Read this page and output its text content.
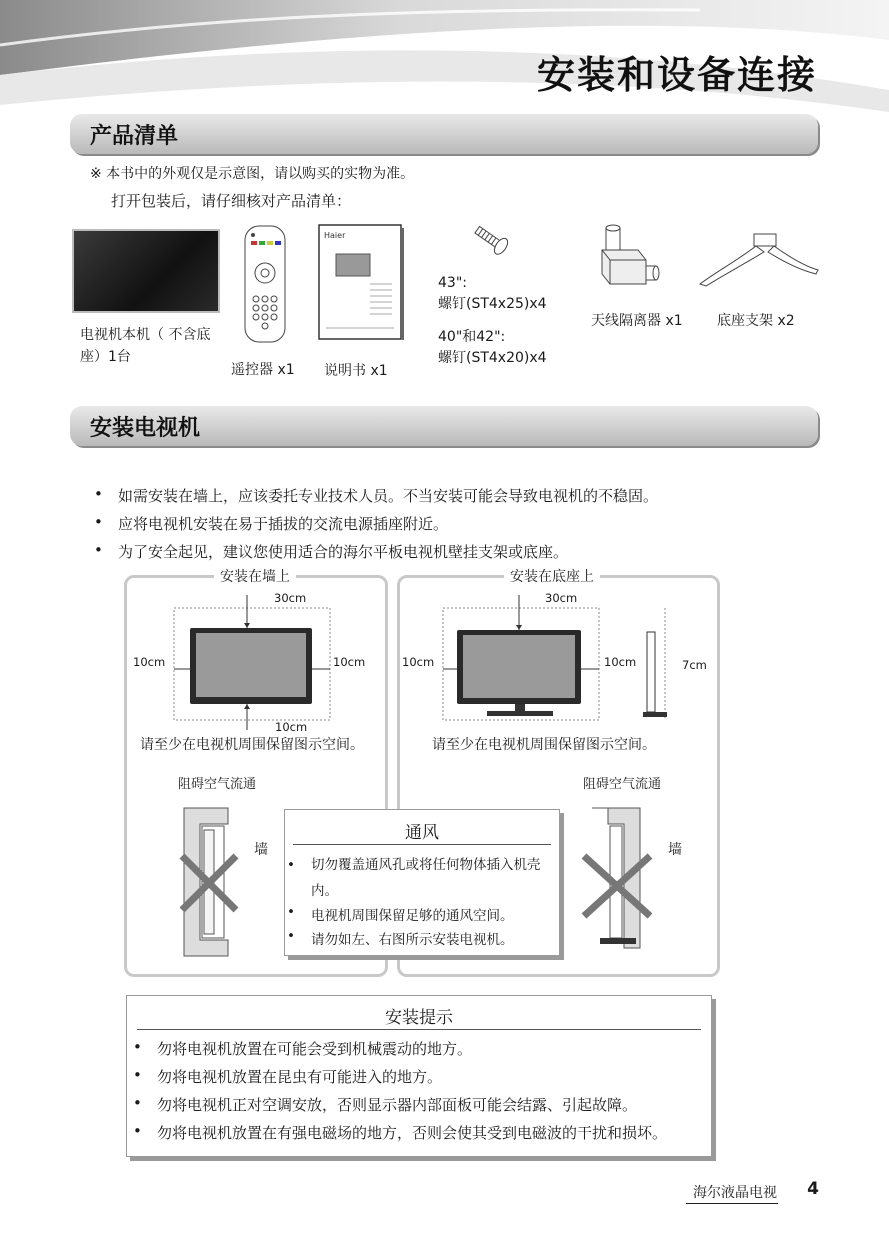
安装和设备连接
产品清单
※ 本书中的外观仅是示意图，请以购买的实物为准。
打开包装后，请仔细核对产品清单：
电视机本机（ 不含底座）1台
遥控器 x1
Haier
说明书 x1
43":
螺钉(ST4x25)x4
40"和42":
螺钉(ST4x20)x4
天线隔离器 x1 底座支架 x2
安装电视机
• 如需安装在墙上，应该委托专业技术人员。不当安装可能会导致电视机的不稳固。
• 应将电视机安装在易于插拔的交流电源插座附近。
• 为了安全起见，建议您使用适合的海尔平板电视机壁挂支架或底座。
安装在墙上
30cm
10cm	10cm
10cm
请至少在电视机周围保留图示空间。
阻碍空气流通
墙
安装在底座上
30cm
10cm	10cm	7cm
请至少在电视机周围保留图示空间。
阻碍空气流通
墙
通风
• 切勿覆盖通风孔或将任何物体插入机壳内。
• 电视机周围保留足够的通风空间。
• 请勿如左、右图所示安装电视机。
安装提示
• 勿将电视机放置在可能会受到机械震动的地方。
• 勿将电视机放置在昆虫有可能进入的地方。
• 勿将电视机正对空调安放，否则显示器内部面板可能会结露、引起故障。
• 勿将电视机放置在有强电磁场的地方，否则会使其受到电磁波的干扰和损坏。
海尔液晶电视 4
